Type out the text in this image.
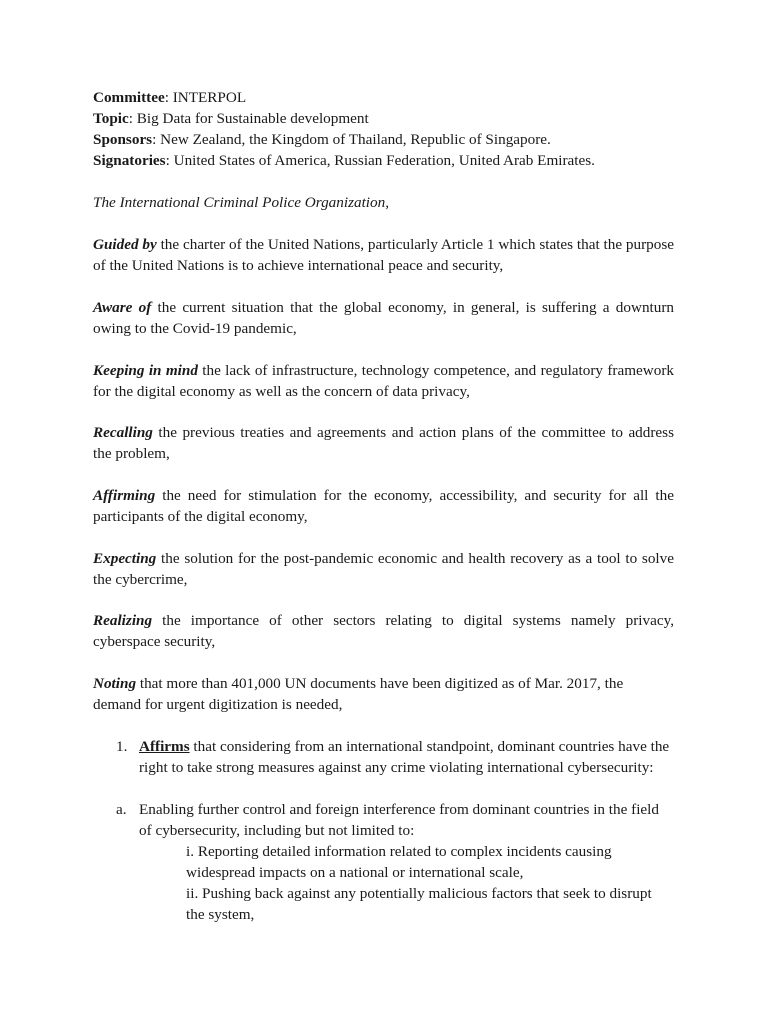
Committee: INTERPOL
Topic: Big Data for Sustainable development
Sponsors: New Zealand, the Kingdom of Thailand, Republic of Singapore.
Signatories: United States of America, Russian Federation, United Arab Emirates.
The International Criminal Police Organization,
Guided by the charter of the United Nations, particularly Article 1 which states that the purpose of the United Nations is to achieve international peace and security,
Aware of the current situation that the global economy, in general, is suffering a downturn owing to the Covid-19 pandemic,
Keeping in mind the lack of infrastructure, technology competence, and regulatory framework for the digital economy as well as the concern of data privacy,
Recalling the previous treaties and agreements and action plans of the committee to address the problem,
Affirming the need for stimulation for the economy, accessibility, and security for all the participants of the digital economy,
Expecting the solution for the post-pandemic economic and health recovery as a tool to solve the cybercrime,
Realizing the importance of other sectors relating to digital systems namely privacy, cyberspace security,
Noting that more than 401,000 UN documents have been digitized as of Mar. 2017, the demand for urgent digitization is needed,
1. Affirms that considering from an international standpoint, dominant countries have the right to take strong measures against any crime violating international cybersecurity:
a. Enabling further control and foreign interference from dominant countries in the field of cybersecurity, including but not limited to:
i. Reporting detailed information related to complex incidents causing widespread impacts on a national or international scale,
ii. Pushing back against any potentially malicious factors that seek to disrupt the system,
